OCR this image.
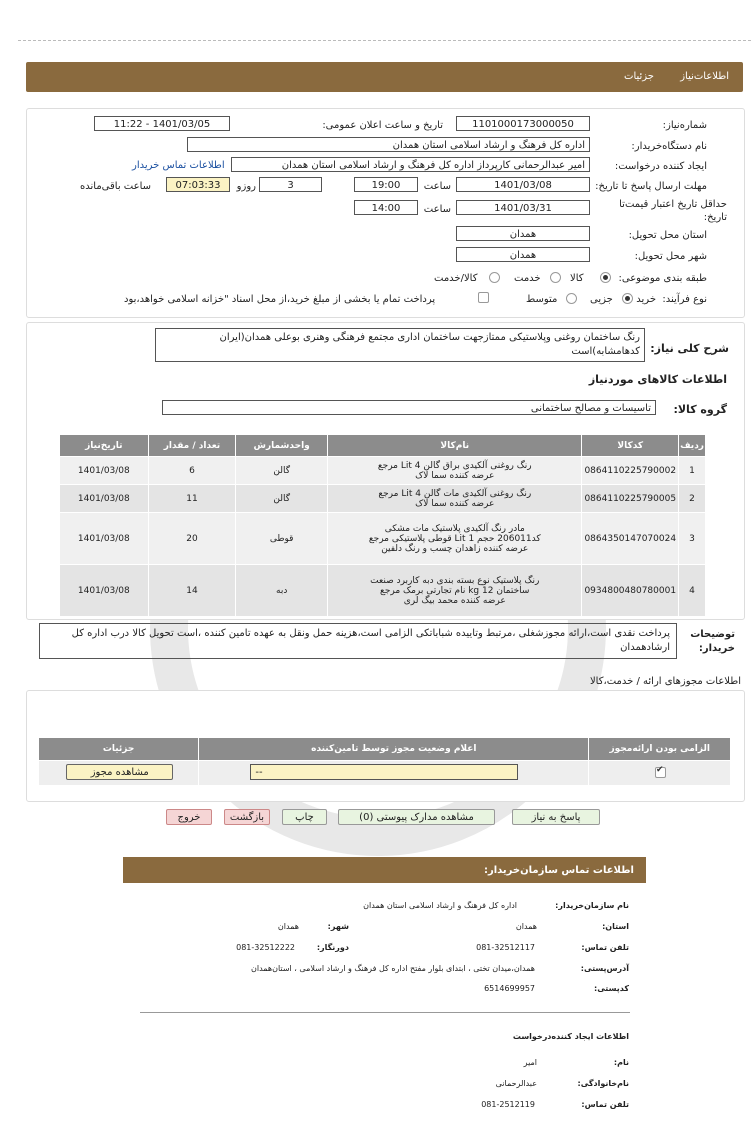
اطلاعات‌نیاز
جزئیات
شماره‌نیاز:
1101000173000050
تاریخ و ساعت اعلان عمومی:
1401/03/05 - 11:22
نام دستگاه‌خریدار:
اداره کل فرهنگ و ارشاد اسلامی استان همدان
ایجاد کننده درخواست:
امیر عبدالرحمانی کارپرداز اداره کل فرهنگ و ارشاد اسلامی استان همدان
اطلاعات تماس خریدار
مهلت ارسال پاسخ تا تاریخ:
1401/03/08
ساعت
19:00
3
روزو
07:03:33
ساعت باقی‌مانده
حداقل تاریخ اعتبار قیمت‌تا تاریخ:
1401/03/31
ساعت
14:00
استان محل تحویل:
همدان
شهر محل تحویل:
همدان
طبقه بندی موضوعی:
کالا
خدمت
کالا/خدمت
نوع فرآیند:
خرید
جزیی
متوسط
پرداخت تمام یا بخشی از مبلغ خرید،از محل اسناد "خزانه اسلامی خواهد،بود
شرح کلی نیاز:
رنگ ساختمان روغنی وپلاستیکی ممتازجهت ساختمان اداری مجتمع فرهنگی وهنری بوعلی همدان(ایران کدهامشابه)است
اطلاعات کالاهای موردنیاز
گروه کالا:
تاسیسات و مصالح ساختمانی
ردیف	کدکالا	نام‌کالا	واحدشمارش	تعداد / مقدار	تاریخ‌نیاز
1	0864110225790002	رنگ روغنی آلکیدی براق گالن 4 Lit مرجع عرضه کننده سما لاک	گالن	6	1401/03/08
2	0864110225790005	رنگ روغنی آلکیدی مات گالن 4 Lit مرجع عرضه کننده سما لاک	گالن	11	1401/03/08
3	0864350147070024	مادر رنگ آلکیدی پلاستیک مات مشکی کد206011 حجم 1 Lit قوطی پلاستیکی مرجع عرضه کننده زاهدان چسب و رنگ دلفین	قوطی	20	1401/03/08
4	0934800480780001	رنگ پلاستیک نوع بسته بندی دبه کاربرد صنعت ساختمان 12 kg نام تجارتی برمک مرجع عرضه کننده محمد بیگ لری	دبه	14	1401/03/08
توضیحات خریدار:
پرداخت نقدی است،ارائه مجوزشغلی ،مرتبط وتاییده شباباتکی الزامی است،هزینه حمل ونقل به عهده تامین کننده ،است تحویل کالا درب اداره کل ارشادهمدان
اطلاعات مجوزهای ارائه / خدمت،کالا
الزامی بودن ارائه‌مجوز	اعلام وضعیت مجوز توسط تامین‌کننده	جزئیات

✔

--	مشاهده مجوز
پاسخ به نیاز
مشاهده مدارک پیوستی (0)
چاپ
بازگشت
خروج
اطلاعات تماس سازمان‌خریدار:
نام سازمان‌خریدار:
اداره کل فرهنگ و ارشاد اسلامی استان همدان
استان:
همدان
شهر:
همدان
تلفن تماس:
081-32512117
دورنگار:
081-32512222
آدرس‌پستی:
همدان،میدان تختی ، ابتدای بلوار مفتح اداره کل فرهنگ و ارشاد اسلامی ، استان‌همدان
کدپستی:
6514699957
اطلاعات ایجاد کننده‌درخواست
نام:
امیر
نام‌خانوادگی:
عبدالرحمانی
تلفن تماس:
081-2512119
